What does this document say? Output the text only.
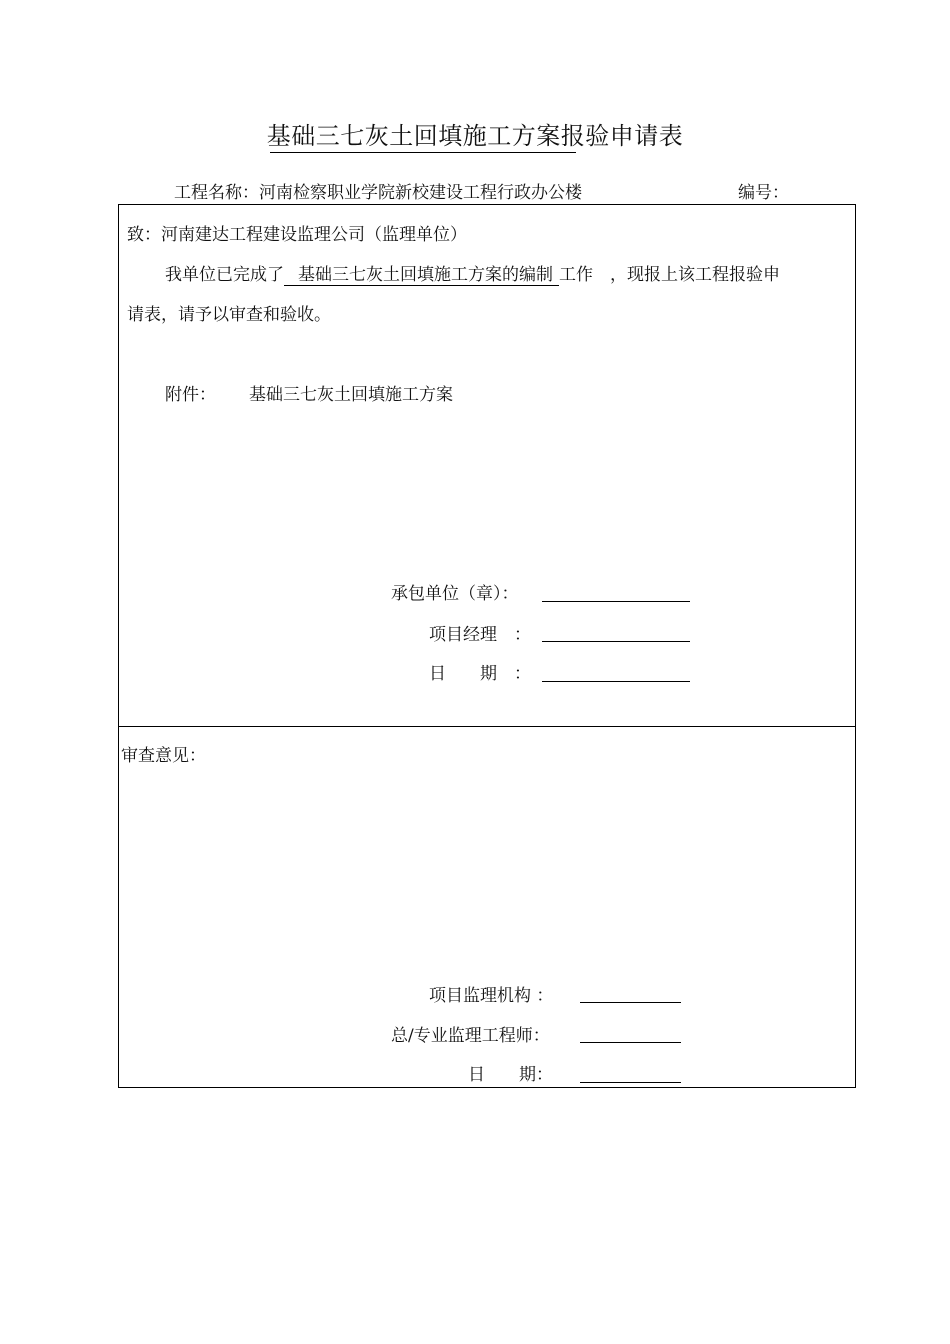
基础三七灰土回填施工方案报验申请表
工程名称：河南检察职业学院新校建设工程行政办公楼	编号：
致：河南建达工程建设监理公司（监理单位）
我单位已完成了 基础三七灰土回填施工方案的编制 工作　，现报上该工程报验申
请表，请予以审查和验收。
附件： 基础三七灰土回填施工方案
承包单位（章）：
项目经理　：
日　　期　：
审查意见：
项目监理机构 ：
总/专业监理工程师：
日　　期：
